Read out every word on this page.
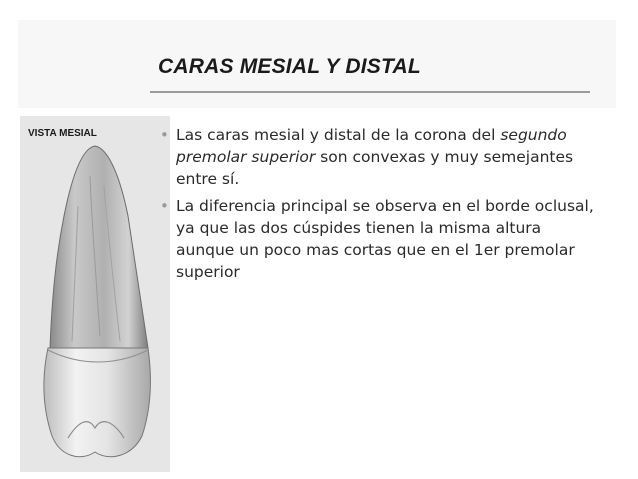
CARAS MESIAL Y DISTAL
VISTA MESIAL	• Las caras mesial y distal de la corona del segundo premolar superior son convexas y muy semejantes entre sí.
• La diferencia principal se observa en el borde oclusal, ya que las dos cúspides tienen la misma altura aunque un poco mas cortas que en el 1er premolar superior
